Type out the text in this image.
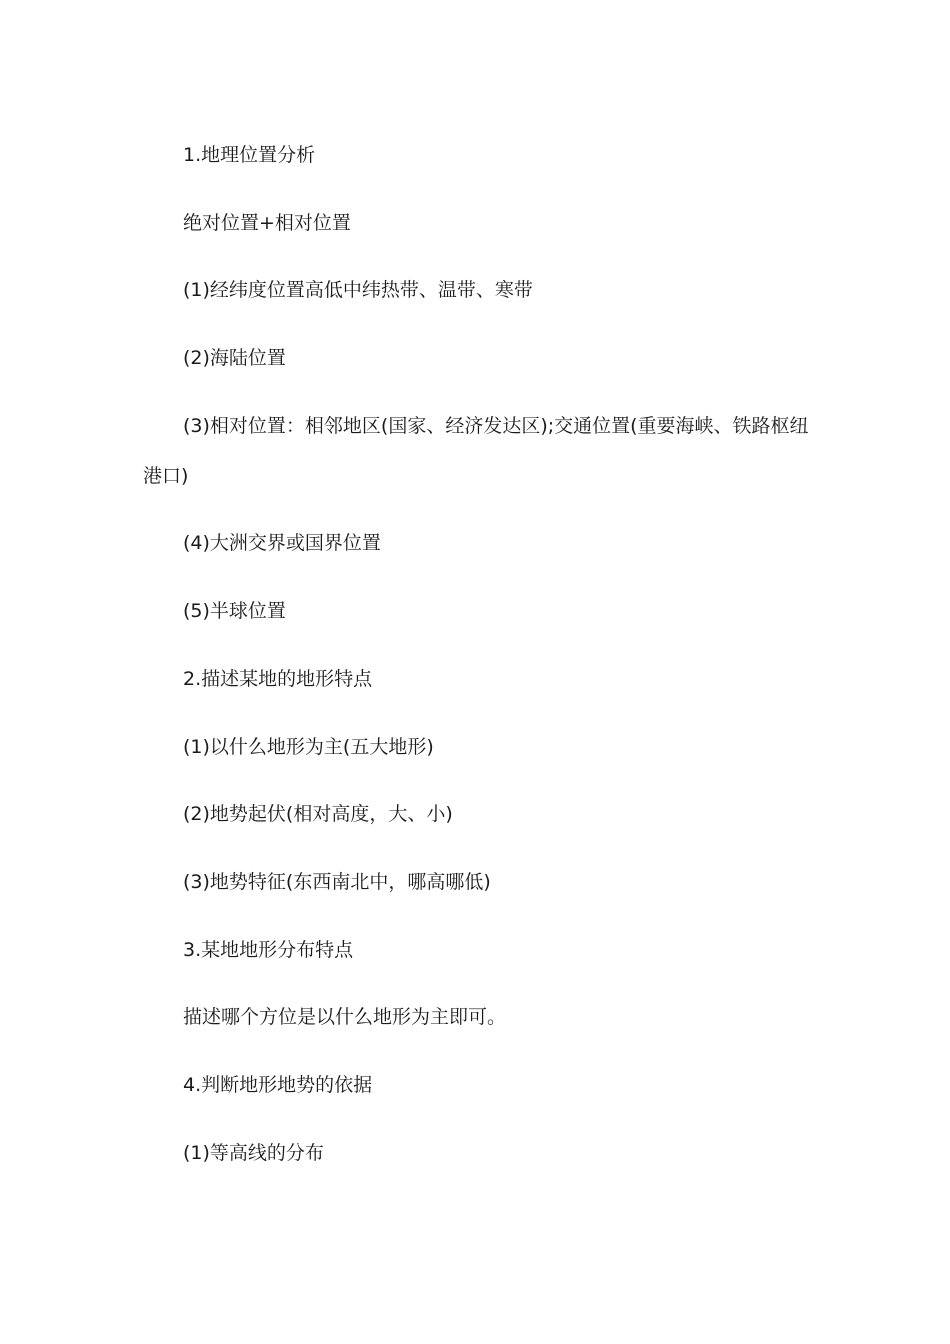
1.地理位置分析

绝对位置+相对位置

(1)经纬度位置高低中纬热带、温带、寒带

(2)海陆位置

(3)相对位置：相邻地区(国家、经济发达区);交通位置(重要海峡、铁路枢纽港口)

(4)大洲交界或国界位置

(5)半球位置

2.描述某地的地形特点

(1)以什么地形为主(五大地形)

(2)地势起伏(相对高度，大、小)

(3)地势特征(东西南北中，哪高哪低)

3.某地地形分布特点

描述哪个方位是以什么地形为主即可。

4.判断地形地势的依据

(1)等高线的分布
